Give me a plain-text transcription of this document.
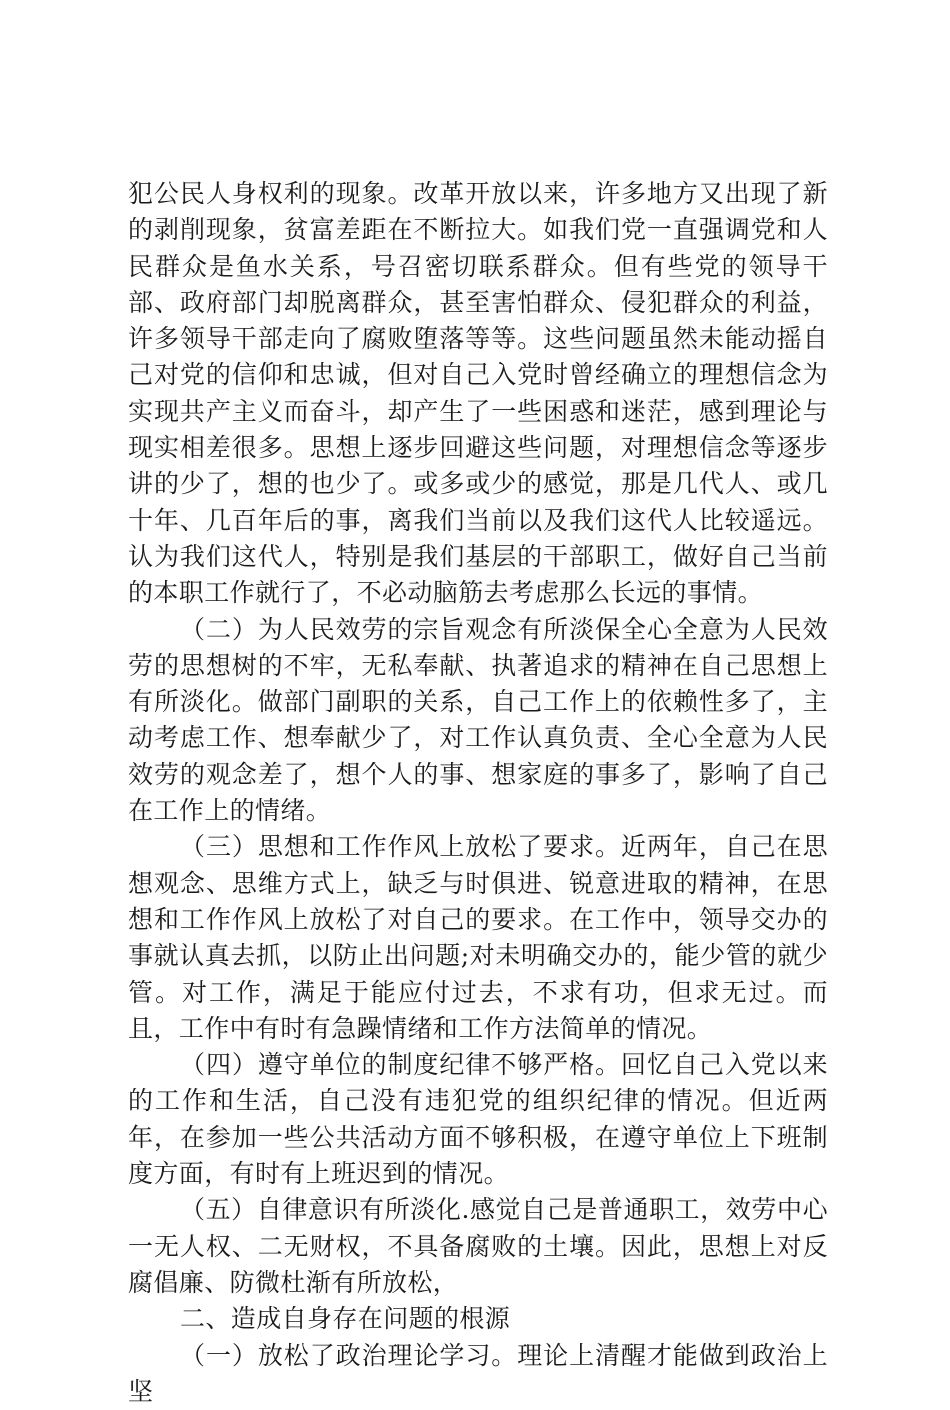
犯公民人身权利的现象。改革开放以来，许多地方又出现了新的剥削现象，贫富差距在不断拉大。如我们党一直强调党和人民群众是鱼水关系，号召密切联系群众。但有些党的领导干部、政府部门却脱离群众，甚至害怕群众、侵犯群众的利益，许多领导干部走向了腐败堕落等等。这些问题虽然未能动摇自己对党的信仰和忠诚，但对自己入党时曾经确立的理想信念为实现共产主义而奋斗，却产生了一些困惑和迷茫，感到理论与现实相差很多。思想上逐步回避这些问题，对理想信念等逐步讲的少了，想的也少了。或多或少的感觉，那是几代人、或几十年、几百年后的事，离我们当前以及我们这代人比较遥远。认为我们这代人，特别是我们基层的干部职工，做好自己当前的本职工作就行了，不必动脑筋去考虑那么长远的事情。

（二）为人民效劳的宗旨观念有所淡保全心全意为人民效劳的思想树的不牢，无私奉献、执著追求的精神在自己思想上有所淡化。做部门副职的关系，自己工作上的依赖性多了，主动考虑工作、想奉献少了，对工作认真负责、全心全意为人民效劳的观念差了，想个人的事、想家庭的事多了，影响了自己在工作上的情绪。

（三）思想和工作作风上放松了要求。近两年，自己在思想观念、思维方式上，缺乏与时俱进、锐意进取的精神，在思想和工作作风上放松了对自己的要求。在工作中，领导交办的事就认真去抓，以防止出问题;对未明确交办的，能少管的就少管。对工作，满足于能应付过去，不求有功，但求无过。而且，工作中有时有急躁情绪和工作方法简单的情况。

（四）遵守单位的制度纪律不够严格。回忆自己入党以来的工作和生活，自己没有违犯党的组织纪律的情况。但近两年，在参加一些公共活动方面不够积极，在遵守单位上下班制度方面，有时有上班迟到的情况。

（五）自律意识有所淡化.感觉自己是普通职工，效劳中心一无人权、二无财权，不具备腐败的土壤。因此，思想上对反腐倡廉、防微杜渐有所放松，

二、造成自身存在问题的根源

（一）放松了政治理论学习。理论上清醒才能做到政治上坚
